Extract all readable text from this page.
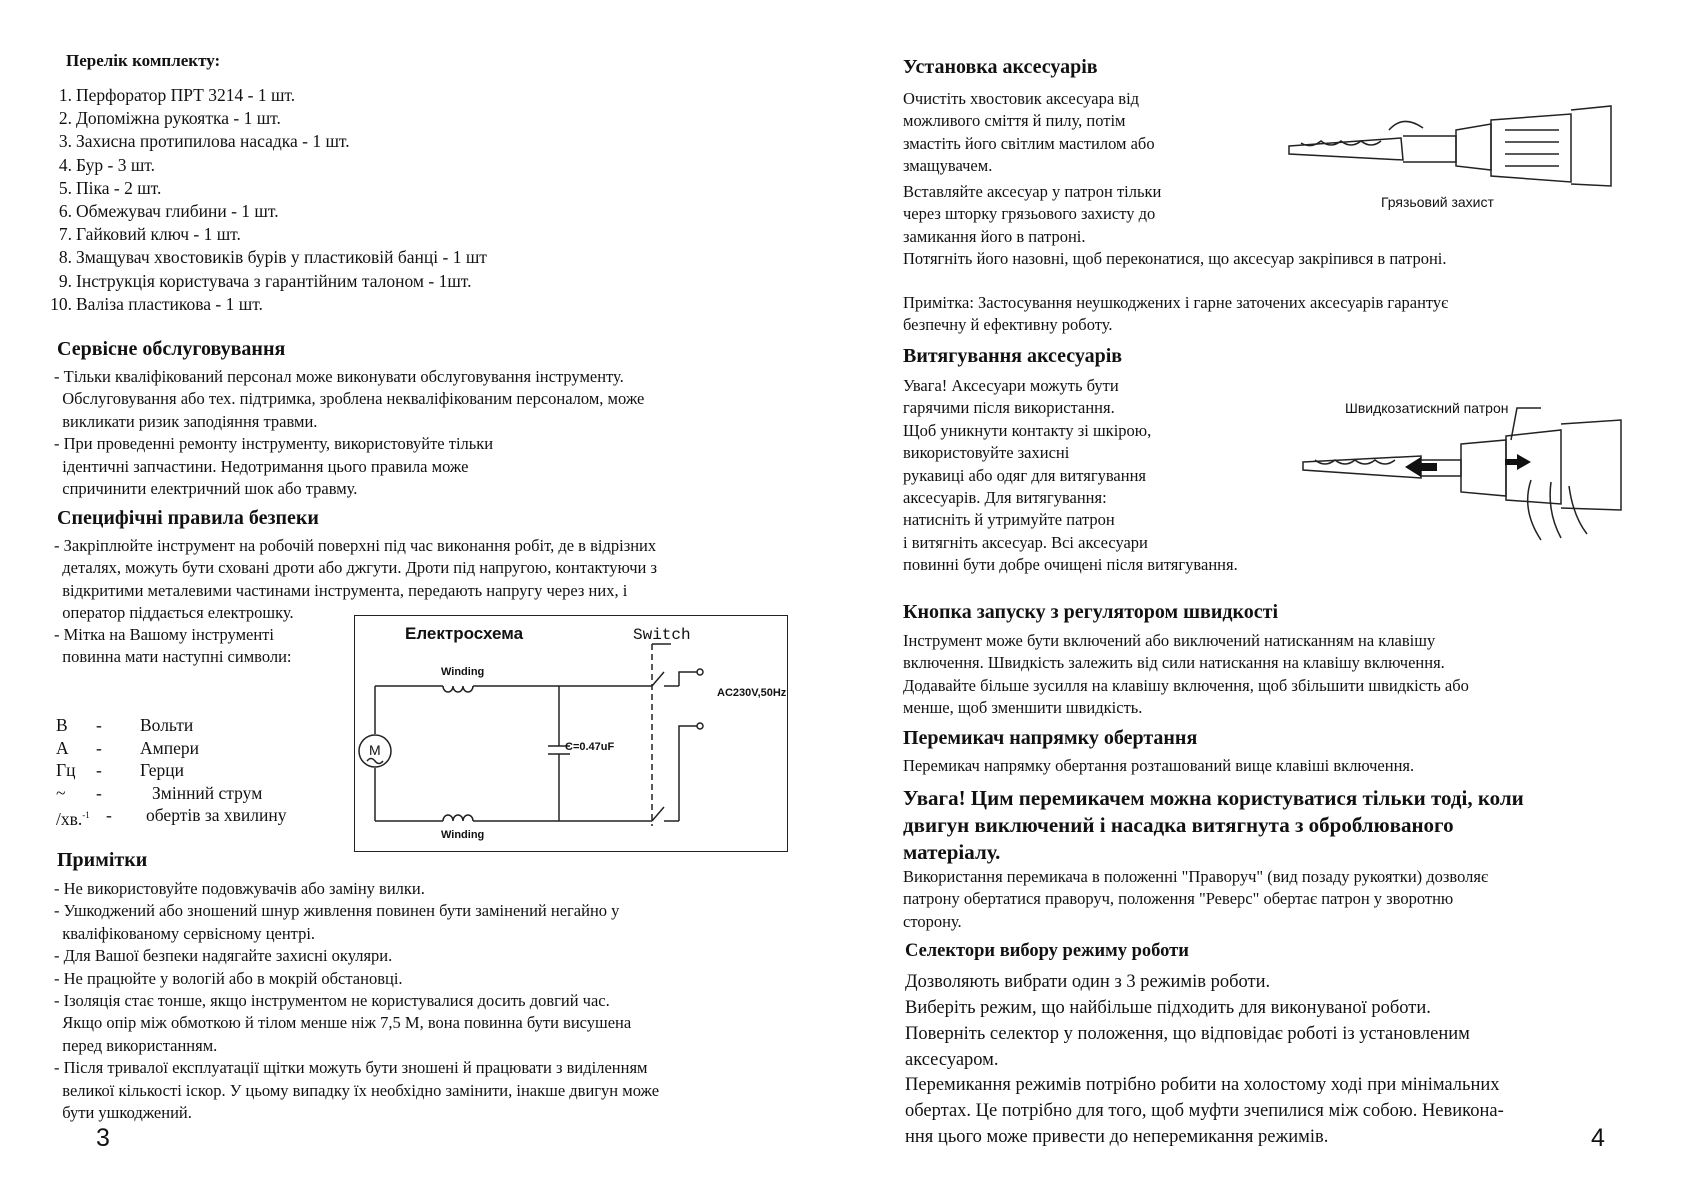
Перелік комплекту:
1. Перфоратор ПРТ 3214 - 1 шт.
2. Допоміжна рукоятка - 1 шт.
3. Захисна протипилова насадка - 1 шт.
4. Бур - 3 шт.
5. Піка - 2 шт.
6. Обмежувач глибини - 1 шт.
7. Гайковий ключ - 1 шт.
8. Змащувач хвостовиків бурів у пластиковій банці - 1 шт
9. Інструкція користувача з гарантійним талоном - 1шт.
10. Валіза пластикова - 1 шт.
Сервісне обслуговування
- Тільки кваліфікований персонал може виконувати обслуговування інструменту.
Обслуговування або тех. підтримка, зроблена некваліфікованим персоналом, може
викликати ризик заподіяння травми.
- При проведенні ремонту інструменту, використовуйте тільки
ідентичні запчастини. Недотримання цього правила може
спричинити електричний шок або травму.
Специфічні правила безпеки
- Закріплюйте інструмент на робочій поверхні під час виконання робіт, де в відрізних
деталях, можуть бути сховані дроти або джгути. Дроти під напругою, контактуючи з
відкритими металевими частинами інструмента, передають напругу через них, і
оператор піддається електрошку.
- Мітка на Вашому інструменті
повинна мати наступні символи:
В - Вольти
А - Ампери
Гц - Герци
~ -	Змінний струм
/хв.$^{-1}$ - обертів за хвилину
Електросхема	Switch
Winding
Winding
AC230V,50Hz
C=0.47uF
M
Примітки
- Не використовуйте подовжувачів або заміну вилки.
- Ушкоджений або зношений шнур живлення повинен бути замінений негайно у
кваліфікованому сервісному центрі.
- Для Вашої безпеки надягайте захисні окуляри.
- Не працюйте у вологій або в мокрій обстановці.
- Ізоляція стає тонше, якщо інструментом не користувалися досить довгий час.
Якщо опір між обмоткою й тілом менше ніж 7,5 М, вона повинна бути висушена
перед використанням.
- Після тривалої експлуатації щітки можуть бути зношені й працювати з виділенням
великої кількості іскор. У цьому випадку їх необхідно замінити, інакше двигун може
бути ушкоджений.
3
Установка аксесуарів
Очистіть хвостовик аксесуара від
можливого сміття й пилу, потім
змастіть його світлим мастилом або
змащувачем.
Вставляйте аксесуар у патрон тільки
через шторку грязьового захисту до
замикання його в патроні.
Потягніть його назовні, щоб переконатися, що аксесуар закріпився в патроні.
Грязьовий захист
Примітка: Застосування неушкоджених і гарне заточених аксесуарів гарантує
безпечну й ефективну роботу.
Витягування аксесуарів
Увага! Аксесуари можуть бути
гарячими після використання.
Щоб уникнути контакту зі шкірою,
використовуйте захисні
рукавиці або одяг для витягування
аксесуарів. Для витягування:
натисніть й утримуйте патрон
і витягніть аксесуар. Всі аксесуари
повинні бути добре очищені після витягування.
Швидкозатискний патрон
Кнопка запуску з регулятором швидкості
Інструмент може бути включений або виключений натисканням на клавішу
включення. Швидкість залежить від сили натискання на клавішу включення.
Додавайте більше зусилля на клавішу включення, щоб збільшити швидкість або
менше, щоб зменшити швидкість.
Перемикач напрямку обертання
Перемикач напрямку обертання розташований вище клавіші включення.
Увага! Цим перемикачем можна користуватися тільки тоді, коли
двигун виключений і насадка витягнута з оброблюваного
матеріалу.
Використання перемикача в положенні "Праворуч" (вид позаду рукоятки) дозволяє
патрону обертатися праворуч, положення "Реверс" обертає патрон у зворотню
сторону.
Селектори вибору режиму роботи
Дозволяють вибрати один з 3 режимів роботи.
Виберіть режим, що найбільше підходить для виконуваної роботи.
Поверніть селектор у положення, що відповідає роботі із установленим
аксесуаром.
Перемикання режимів потрібно робити на холостому ході при мінімальних
обертах. Це потрібно для того, щоб муфти зчепилися між собою. Невикона-
ння цього може привести до неперемикання режимів.	4
